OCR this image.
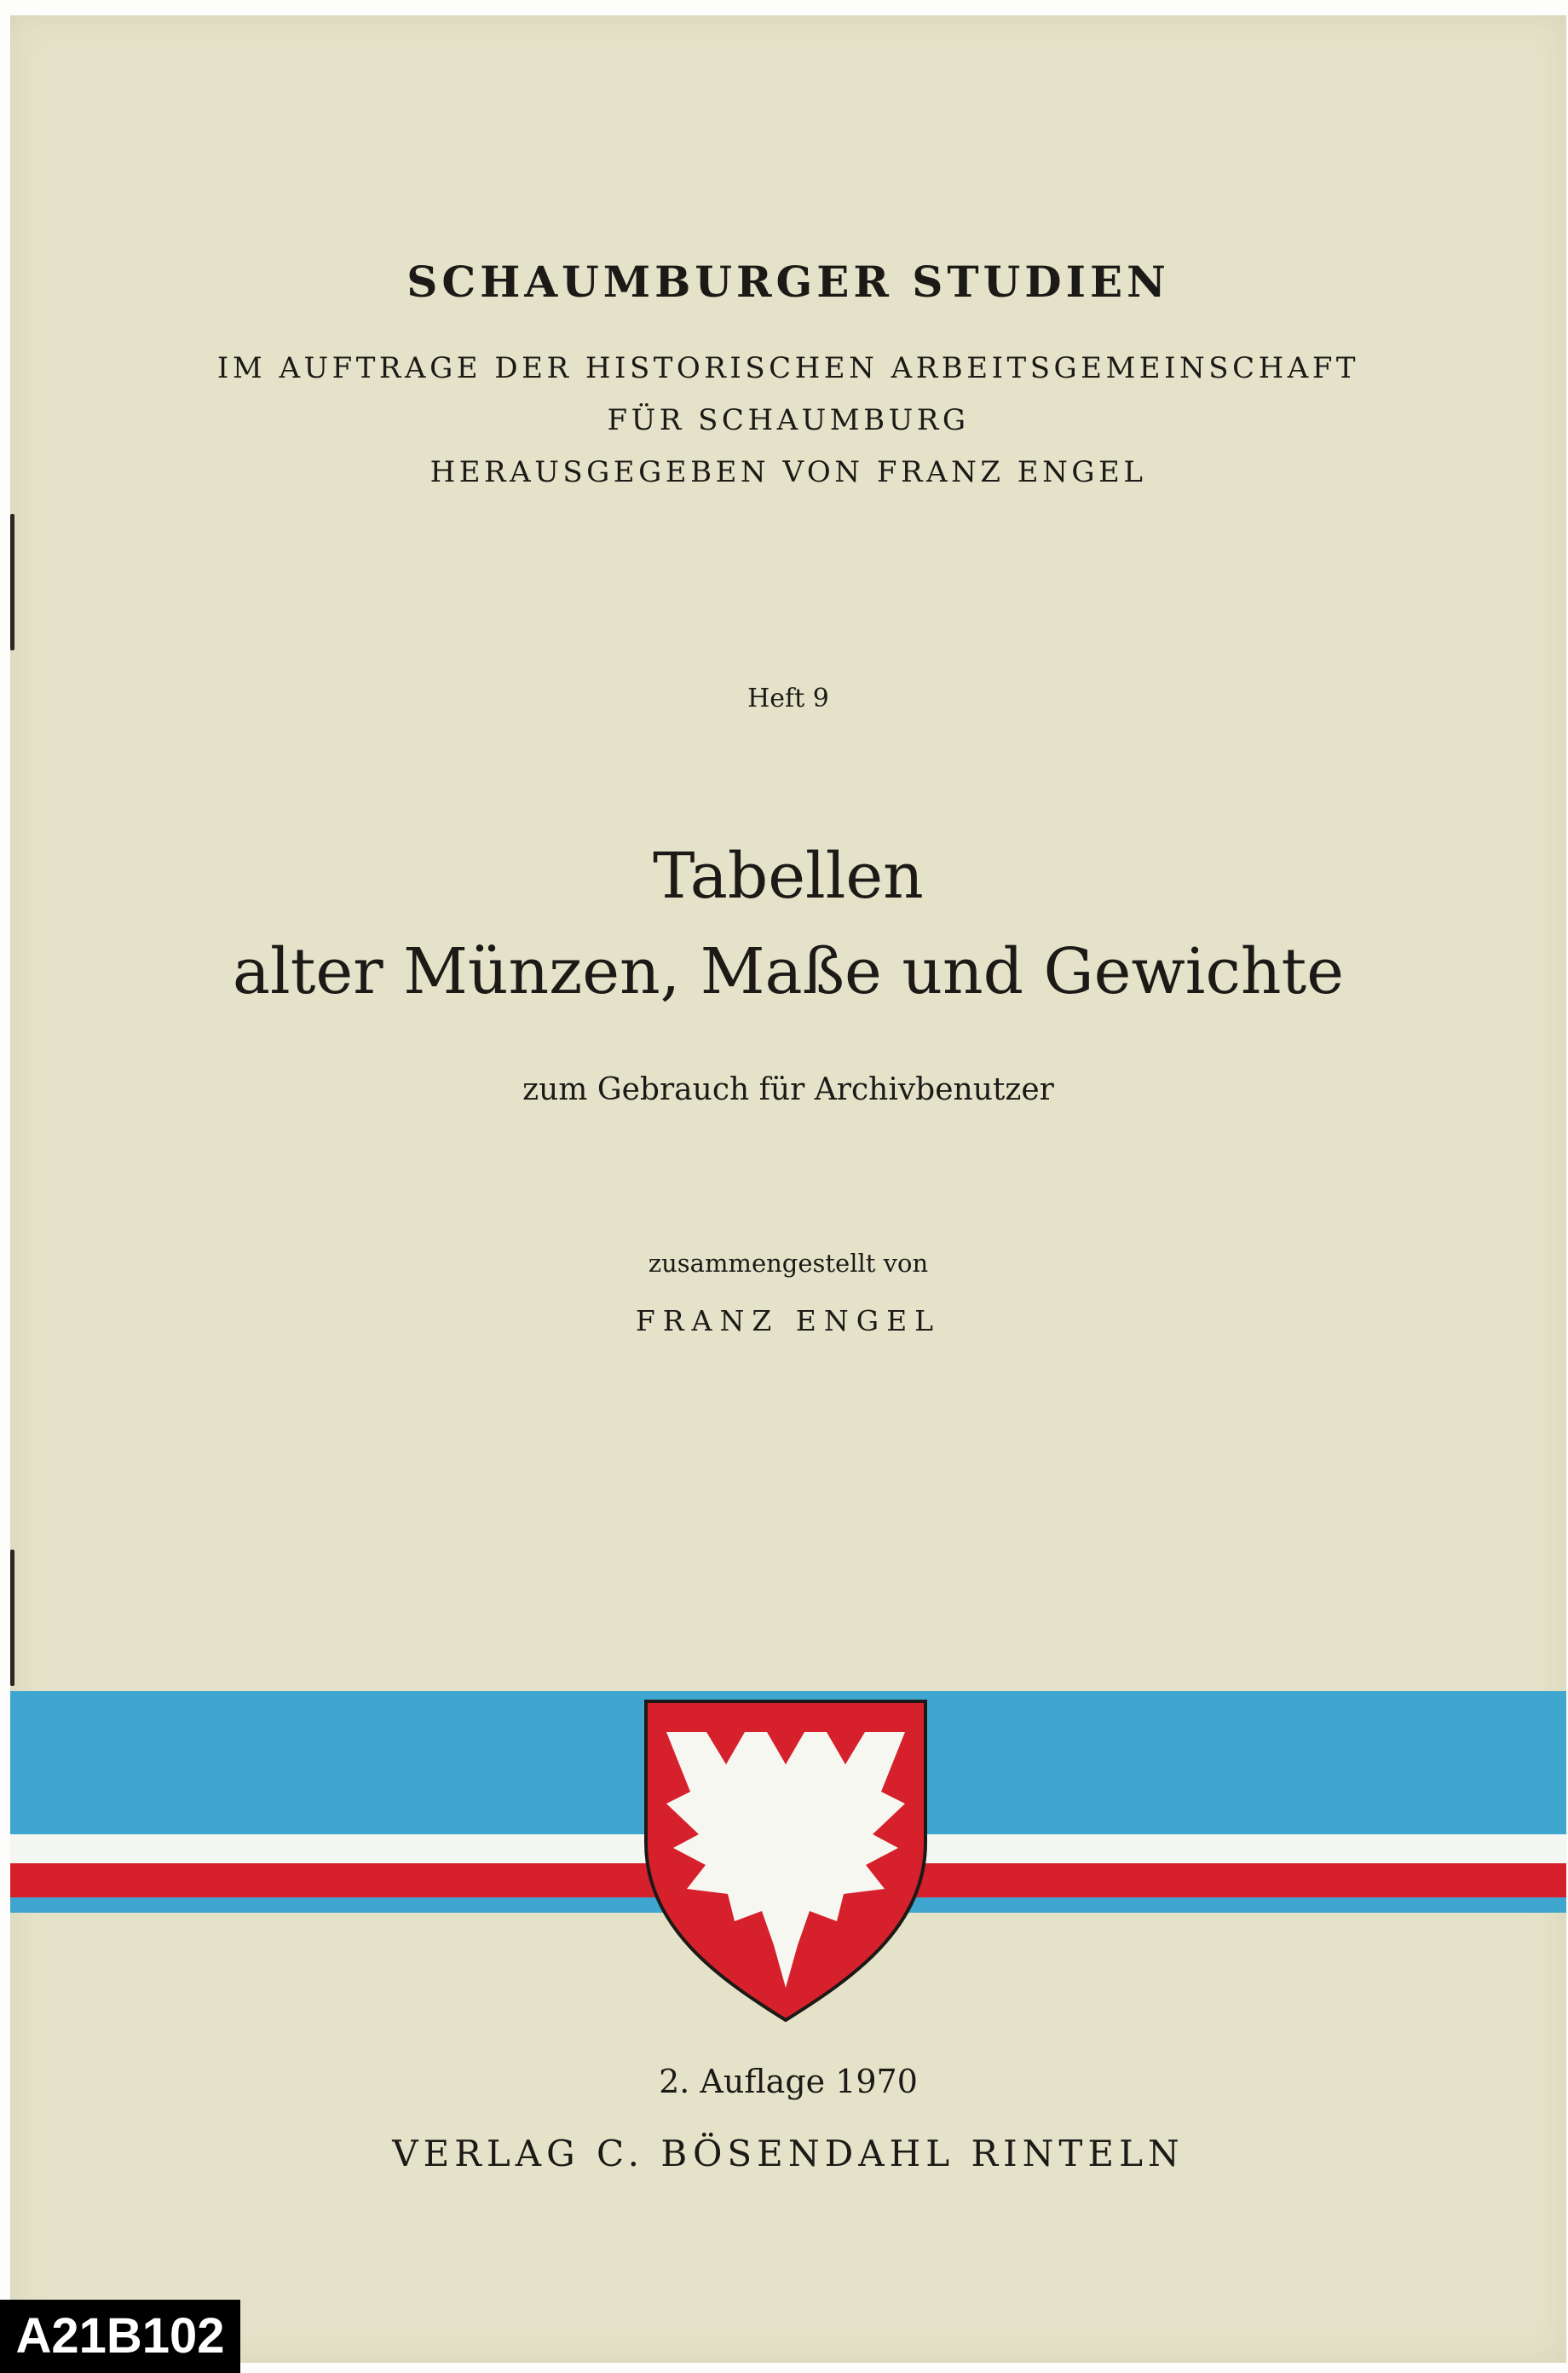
SCHAUMBURGER STUDIEN
IM AUFTRAGE DER HISTORISCHEN ARBEITSGEMEINSCHAFT
FÜR SCHAUMBURG
HERAUSGEGEBEN VON FRANZ ENGEL
Heft 9
Tabellen
alter Münzen, Maße und Gewichte
zum Gebrauch für Archivbenutzer
zusammengestellt von
FRANZ ENGEL
2. Auflage 1970
VERLAG C. BÖSENDAHL RINTELN
A21B102
